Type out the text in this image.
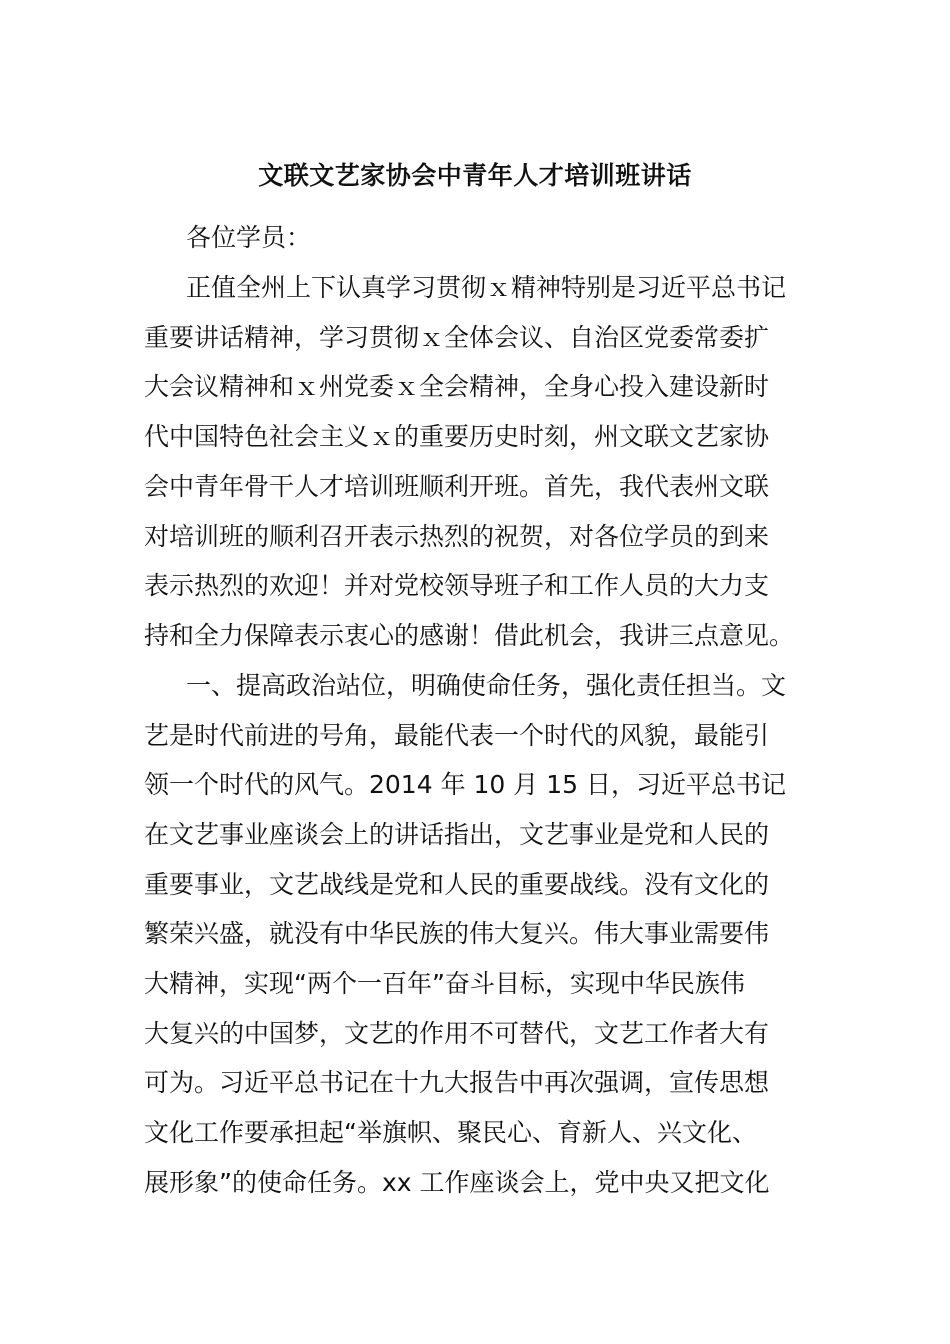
文联文艺家协会中青年人才培训班讲话
各位学员：
正值全州上下认真学习贯彻ｘ精神特别是习近平总书记
重要讲话精神，学习贯彻ｘ全体会议、自治区党委常委扩
大会议精神和ｘ州党委ｘ全会精神，全身心投入建设新时
代中国特色社会主义ｘ的重要历史时刻，州文联文艺家协
会中青年骨干人才培训班顺利开班。首先，我代表州文联
对培训班的顺利召开表示热烈的祝贺，对各位学员的到来
表示热烈的欢迎！并对党校领导班子和工作人员的大力支
持和全力保障表示衷心的感谢！借此机会，我讲三点意见。
一、提高政治站位，明确使命任务，强化责任担当。文
艺是时代前进的号角，最能代表一个时代的风貌，最能引
领一个时代的风气。2014 年 10 月 15 日，习近平总书记
在文艺事业座谈会上的讲话指出，文艺事业是党和人民的
重要事业，文艺战线是党和人民的重要战线。没有文化的
繁荣兴盛，就没有中华民族的伟大复兴。伟大事业需要伟
大精神，实现“两个一百年”奋斗目标，实现中华民族伟
大复兴的中国梦，文艺的作用不可替代，文艺工作者大有
可为。习近平总书记在十九大报告中再次强调，宣传思想
文化工作要承担起“举旗帜、聚民心、育新人、兴文化、
展形象”的使命任务。xx 工作座谈会上，党中央又把文化
